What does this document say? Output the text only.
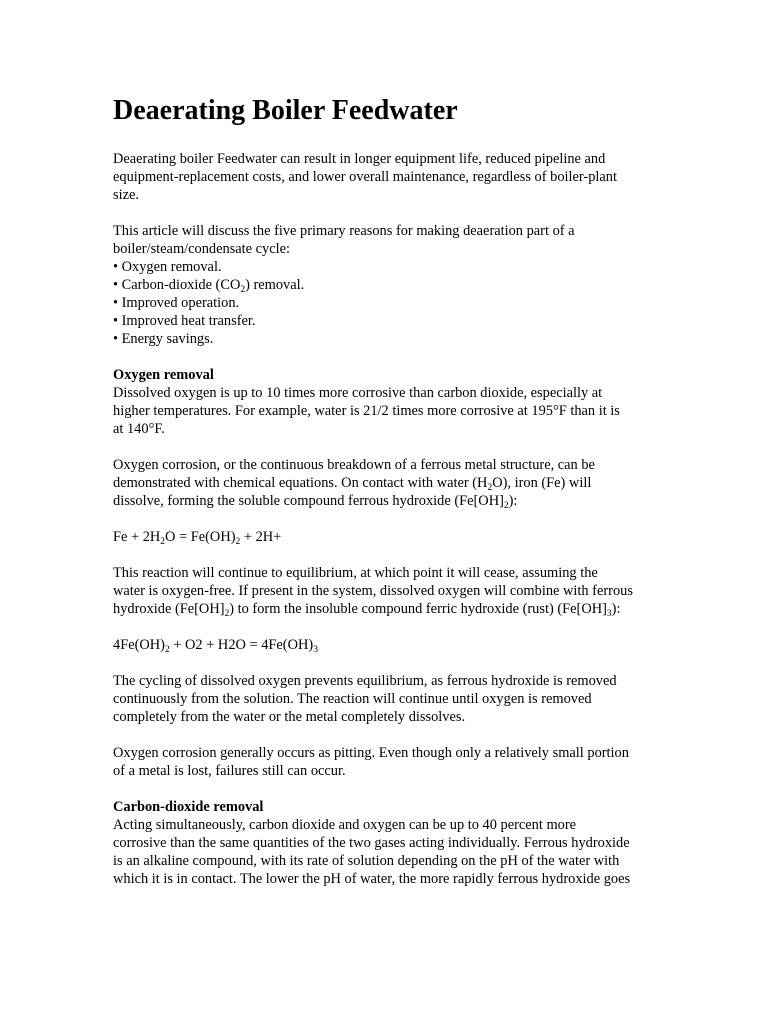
Deaerating Boiler Feedwater

Deaerating boiler Feedwater can result in longer equipment life, reduced pipeline and equipment-replacement costs, and lower overall maintenance, regardless of boiler-plant size.

This article will discuss the five primary reasons for making deaeration part of a boiler/steam/condensate cycle:

• Oxygen removal.
• Carbon-dioxide $(CO_2)$ removal.
• Improved operation.
• Improved heat transfer.
• Energy savings.

Oxygen removal
Dissolved oxygen is up to 10 times more corrosive than carbon dioxide, especially at higher temperatures. For example, water is 21/2 times more corrosive at 195°F than it is at 140°F.

Oxygen corrosion, or the continuous breakdown of a ferrous metal structure, can be demonstrated with chemical equations. On contact with water $(H_2O)$, iron (Fe) will dissolve, forming the soluble compound ferrous hydroxide $(Fe[OH]_2)$:

$Fe + 2H_2O = Fe(OH)_2 + 2H+$

This reaction will continue to equilibrium, at which point it will cease, assuming the water is oxygen-free. If present in the system, dissolved oxygen will combine with ferrous hydroxide $(Fe[OH]_2)$ to form the insoluble compound ferric hydroxide (rust) $(Fe[OH]_3)$:

$4Fe(OH)_2 + O2 + H2O = 4Fe(OH)_3$

The cycling of dissolved oxygen prevents equilibrium, as ferrous hydroxide is removed continuously from the solution. The reaction will continue until oxygen is removed completely from the water or the metal completely dissolves.

Oxygen corrosion generally occurs as pitting. Even though only a relatively small portion of a metal is lost, failures still can occur.

Carbon-dioxide removal
Acting simultaneously, carbon dioxide and oxygen can be up to 40 percent more corrosive than the same quantities of the two gases acting individually. Ferrous hydroxide is an alkaline compound, with its rate of solution depending on the pH of the water with which it is in contact. The lower the pH of water, the more rapidly ferrous hydroxide goes
